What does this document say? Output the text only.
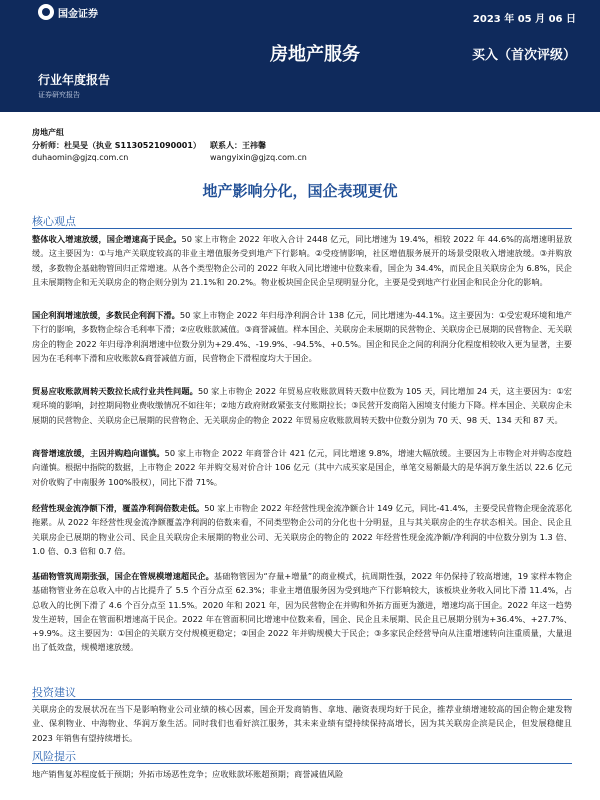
国金证券	2023 年 05 月 06 日
房地产服务	买入（首次评级）
行业年度报告
证券研究报告
房地产组
分析师：杜昊旻（执业 S1130521090001） 联系人：王祎馨
duhaomin@gjzq.com.cn	wangyixin@gjzq.com.cn
地产影响分化，国企表现更优
核心观点
整体收入增速放缓，国企增速高于民企。50 家上市物企 2022 年收入合计 2448 亿元，同比增速为 19.4%，相较 2022 年 44.6%的高增速明显放缓。这主要因为：①与地产关联度较高的非业主增值服务受到地产下行影响。②受疫情影响，社区增值服务展开的场景受限收入增速放缓。③并购放缓，多数物企基础物管回归正常增速。从各个类型物企公司的 2022 年收入同比增速中位数来看，国企为 34.4%，而民企且关联房企为 6.8%，民企且未展期物企和无关联房企的物企则分别为 21.1%和 20.2%。物业板块国企民企呈现明显分化，主要是受到地产行业国企和民企分化的影响。
国企利润增速放缓，多数民企利润下滑。50 家上市物企 2022 年归母净利润合计 138 亿元，同比增速为-44.1%。这主要因为：①受宏观环境和地产下行的影响，多数物企综合毛利率下滑；②应收账款减值。③商誉减值。样本国企、关联房企未展期的民营物企、关联房企已展期的民营物企、无关联房企的物企 2022 年归母净利润增速中位数分别为+29.4%、-19.9%、-94.5%、+0.5%。国企和民企之间的利润分化程度相较收入更为显著，主要因为在毛利率下滑和应收账款&商誉减值方面，民营物企下滑程度均大于国企。
贸易应收账款周转天数拉长成行业共性问题。50 家上市物企 2022 年贸易应收账款周转天数中位数为 105 天，同比增加 24 天，这主要因为：①宏观环境的影响，封控期间物业费收缴情况不如往年；②地方政府财政紧张支付账期拉长；③民营开发商陷入困境支付能力下降。样本国企、关联房企未展期的民营物企、关联房企已展期的民营物企、无关联房企的物企 2022 年贸易应收账款周转天数中位数分别为 70 天、98 天、134 天和 87 天。
商誉增速放缓，主因并购趋向谨慎。50 家上市物企 2022 年商誉合计 421 亿元，同比增速 9.8%，增速大幅放缓。主要因为上市物企对并购态度趋向谨慎。根据中指院的数据，上市物企 2022 年并购交易对价合计 106 亿元（其中六成买家是国企，单笔交易额最大的是华润万象生活以 22.6 亿元对价收购了中南服务 100%股权），同比下滑 71%。
经营性现金流净额下滑，覆盖净利润倍数走低。50 家上市物企 2022 年经营性现金流净额合计 149 亿元，同比-41.4%，主要受民营物企现金流恶化拖累。从 2022 年经营性现金流净额覆盖净利润的倍数来看，不同类型物企公司的分化也十分明显，且与其关联房企的生存状态相关。国企、民企且关联房企已展期的物业公司、民企且关联房企未展期的物业公司、无关联房企的物企的 2022 年经营性现金流净额/净利润的中位数分别为 1.3 倍、1.0 倍、0.3 倍和 0.7 倍。
基础物管筑周期张强，国企在管规模增速超民企。基础物管因为“存量+增量”的商业模式，抗周期性强，2022 年仍保持了较高增速，19 家样本物企基础物管业务在总收入中的占比提升了 5.5 个百分点至 62.3%；非业主增值服务因为受到地产下行影响较大，该板块业务收入同比下滑 11.4%，占总收入的比例下滑了 4.6 个百分点至 11.5%。2020 年和 2021 年，因为民营物企在并购和外拓方面更为激进，增速均高于国企。2022 年这一趋势发生逆转，国企在管面积增速高于民企。2022 年在管面积同比增速中位数来看，国企、民企且未展期、民企且已展期分别为+36.4%、+27.7%、+9.9%。这主要因为：①国企的关联方交付规模更稳定；②国企 2022 年并购规模大于民企；③多家民企经营导向从注重增速转向注重质量，大量退出了低效盘，规模增速放缓。
投资建议
关联房企的发展状况在当下是影响物业公司业绩的核心因素，国企开发商销售、拿地、融资表现均好于民企，推荐业绩增速较高的国企物企建发物业、保利物业、中海物业、华润万象生活。同时我们也看好滨江服务，其未来业绩有望持续保持高增长，因为其关联房企滨是民企，但发展稳健且 2023 年销售有望持续增长。
风险提示
地产销售复苏程度低于预期；外拓市场恶性竞争；应收账款坏账超预期；商誉减值风险
